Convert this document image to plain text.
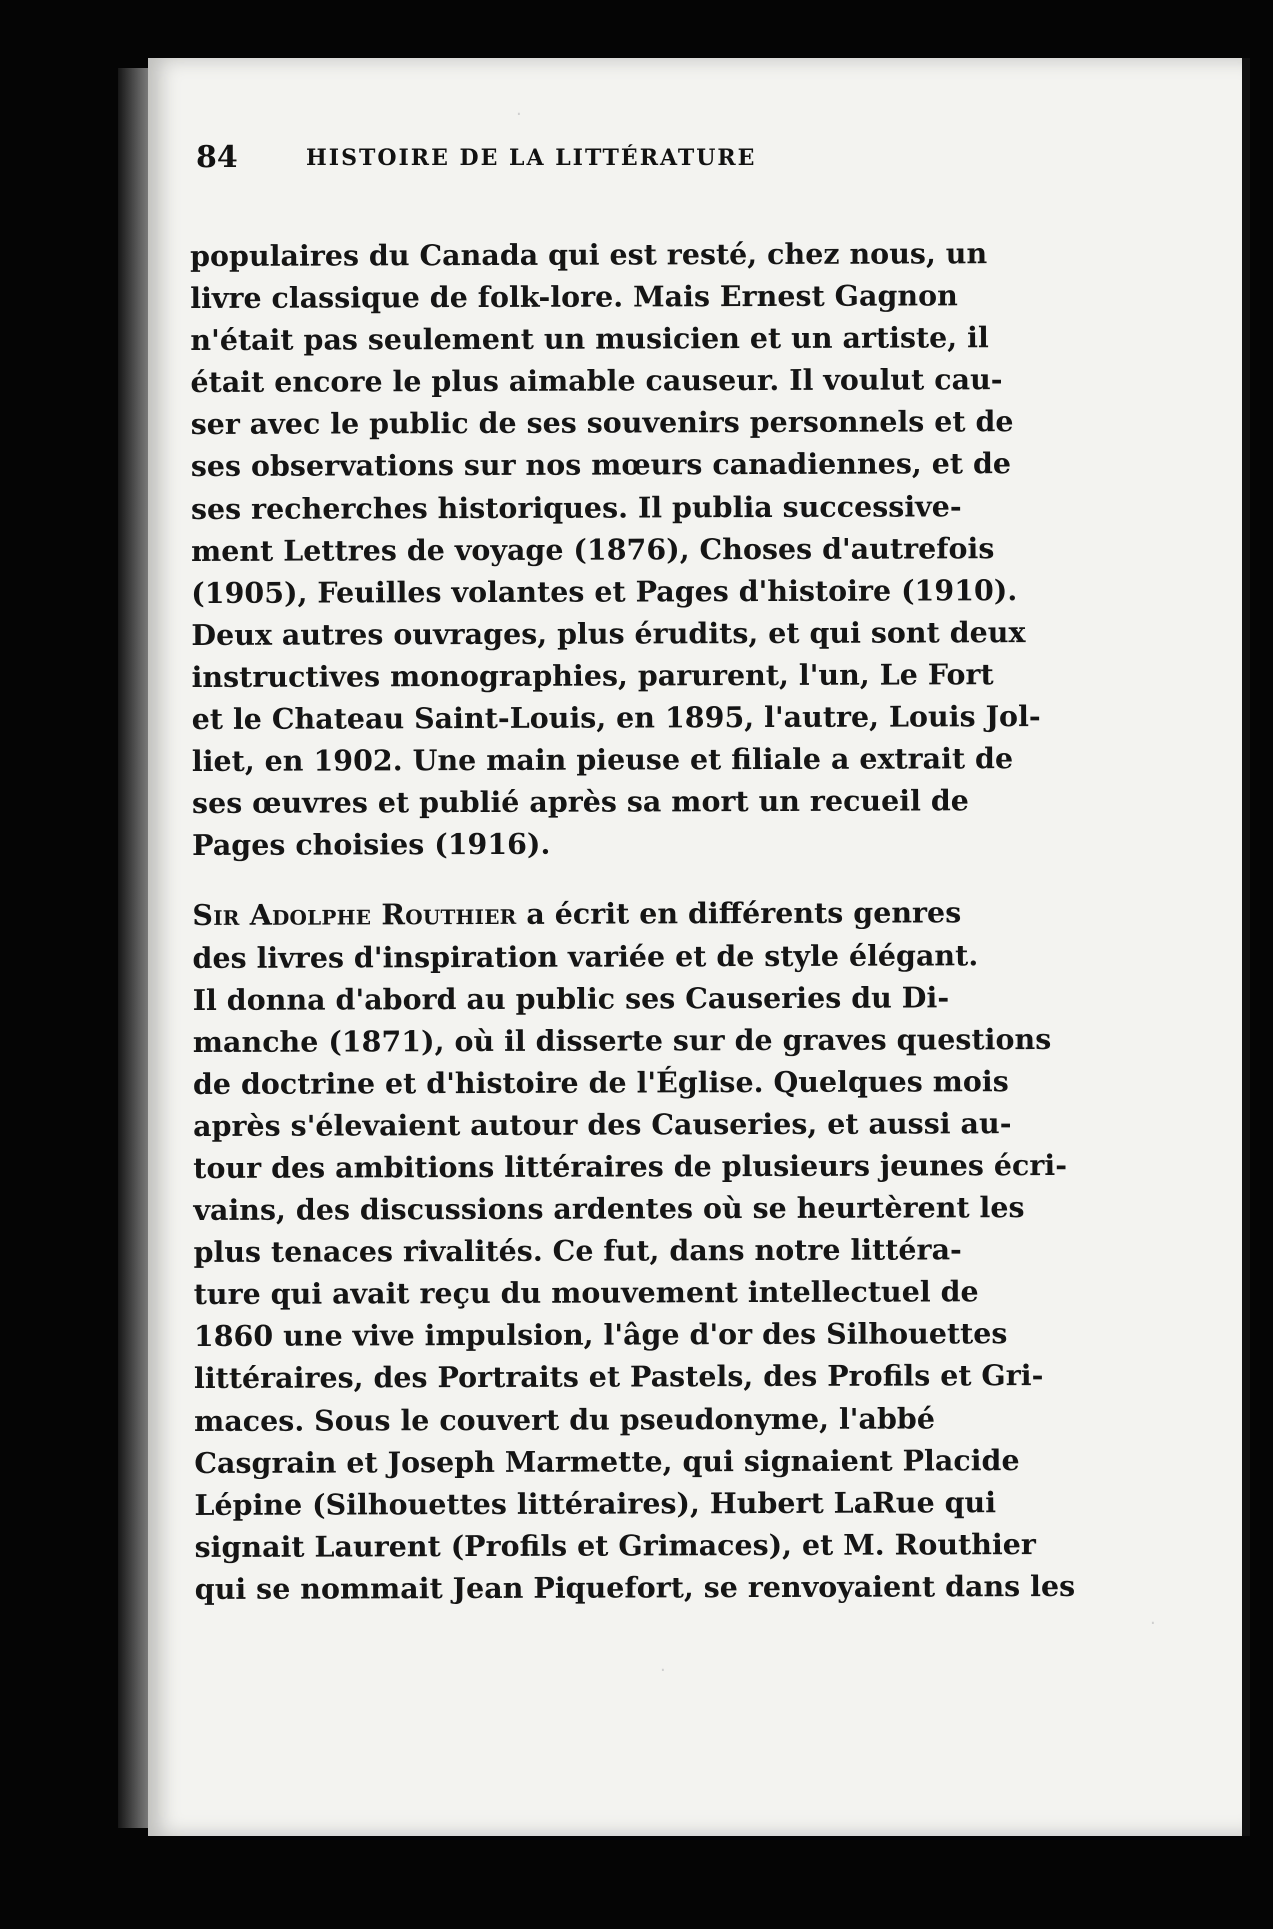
84	HISTOIRE DE LA LITTÉRATURE
populaires du Canada qui est resté, chez nous, un
livre classique de folk-lore. Mais Ernest Gagnon
n'était pas seulement un musicien et un artiste, il
était encore le plus aimable causeur. Il voulut cau-
ser avec le public de ses souvenirs personnels et de
ses observations sur nos mœurs canadiennes, et de
ses recherches historiques. Il publia successive-
ment Lettres de voyage (1876), Choses d'autrefois
(1905), Feuilles volantes et Pages d'histoire (1910).
Deux autres ouvrages, plus érudits, et qui sont deux
instructives monographies, parurent, l'un, Le Fort
et le Chateau Saint-Louis, en 1895, l'autre, Louis Jol-
liet, en 1902. Une main pieuse et filiale a extrait de
ses œuvres et publié après sa mort un recueil de
Pages choisies (1916).
Sir Adolphe Routhier a écrit en différents genres
des livres d'inspiration variée et de style élégant.
Il donna d'abord au public ses Causeries du Di-
manche (1871), où il disserte sur de graves questions
de doctrine et d'histoire de l'Église. Quelques mois
après s'élevaient autour des Causeries, et aussi au-
tour des ambitions littéraires de plusieurs jeunes écri-
vains, des discussions ardentes où se heurtèrent les
plus tenaces rivalités. Ce fut, dans notre littéra-
ture qui avait reçu du mouvement intellectuel de
1860 une vive impulsion, l'âge d'or des Silhouettes
littéraires, des Portraits et Pastels, des Profils et Gri-
maces. Sous le couvert du pseudonyme, l'abbé
Casgrain et Joseph Marmette, qui signaient Placide
Lépine (Silhouettes littéraires), Hubert LaRue qui
signait Laurent (Profils et Grimaces), et M. Routhier
qui se nommait Jean Piquefort, se renvoyaient dans les
·
·
·
